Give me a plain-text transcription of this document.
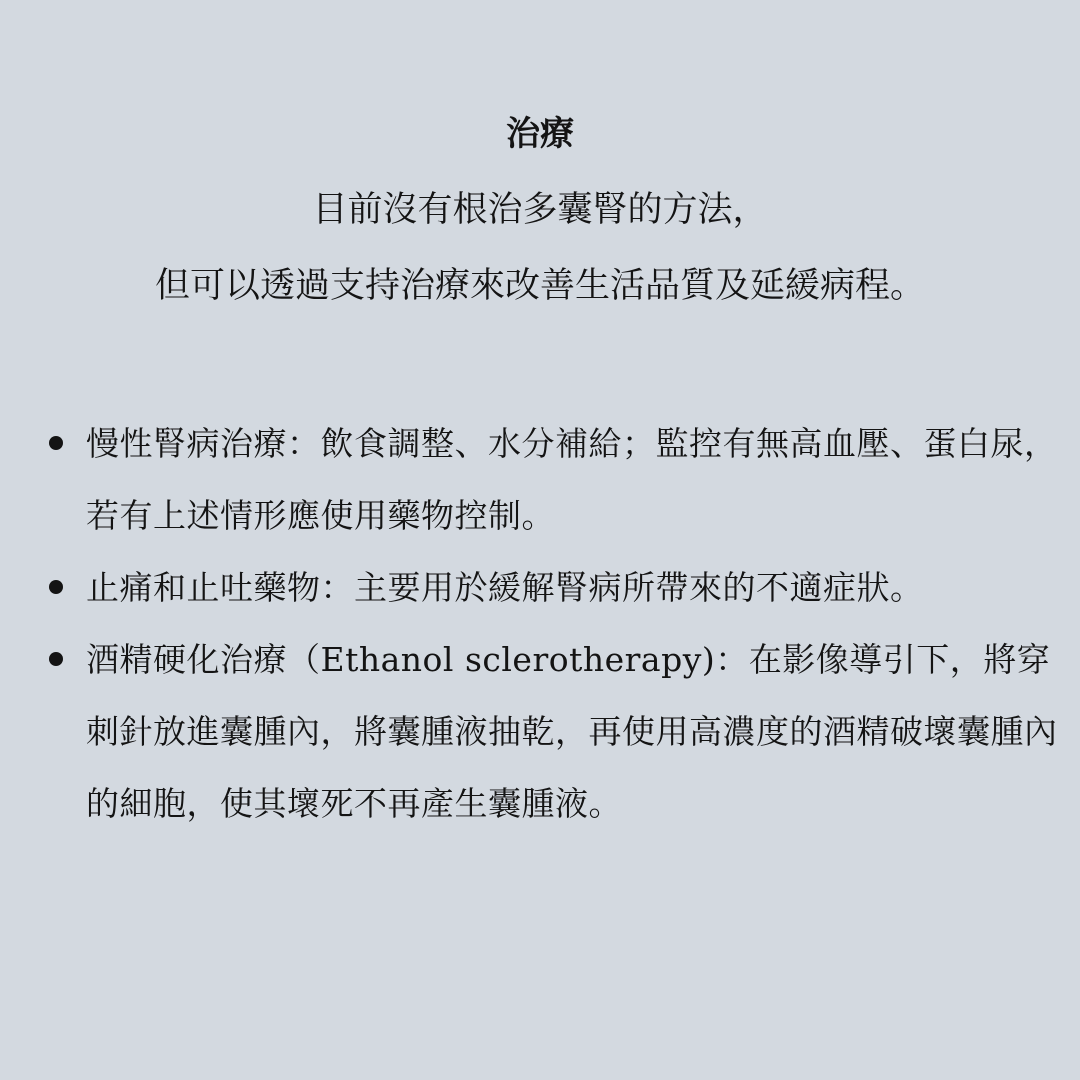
治療
目前沒有根治多囊腎的方法，
但可以透過支持治療來改善生活品質及延緩病程。
慢性腎病治療：飲食調整、水分補給；監控有無高血壓、蛋白尿，若有上述情形應使用藥物控制。
止痛和止吐藥物：主要用於緩解腎病所帶來的不適症狀。
酒精硬化治療（Ethanol sclerotherapy)：在影像導引下，將穿刺針放進囊腫內，將囊腫液抽乾，再使用高濃度的酒精破壞囊腫內的細胞，使其壞死不再產生囊腫液。
